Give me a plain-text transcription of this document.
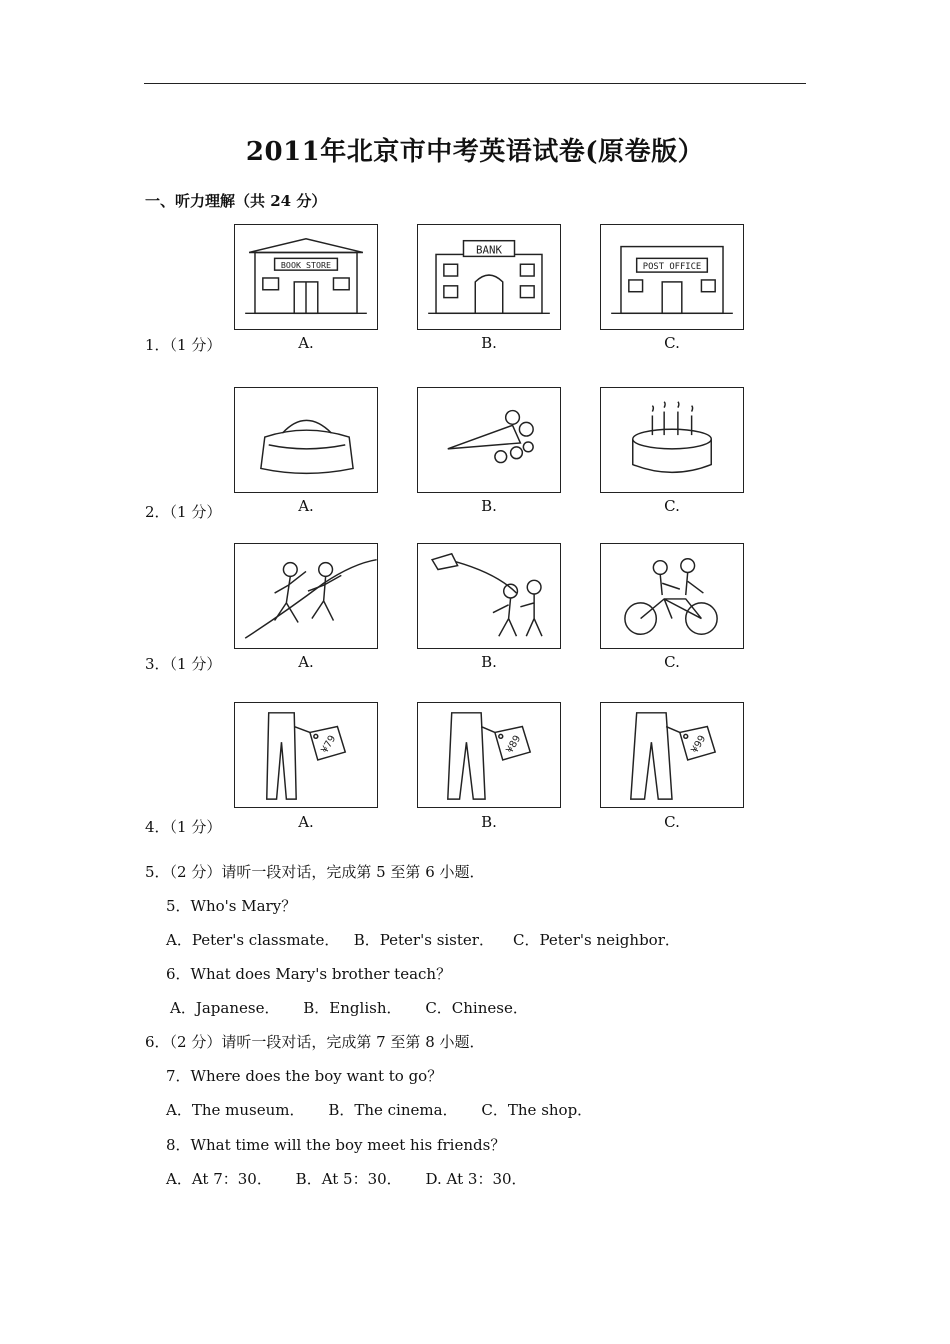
2011年北京市中考英语试卷(原卷版）
一、听力理解（共 24 分）
1．（1 分）
BOOK STORE
BANK
POST OFFICE
A.	B.	C.
2．（1 分）	A.	B.	C.
3．（1 分）	A.	B.	C.
4．（1 分）
¥79	¥89	¥99
A.	B.	C.
5．（2 分）请听一段对话，完成第 5 至第 6 小题．
5．Who's Mary？
A．Peter's classmate．   B．Peter's sister．    C．Peter's neighbor．
6．What does Mary's brother teach？
A．Japanese．     B．English．     C．Chinese．
6．（2 分）请听一段对话，完成第 7 至第 8 小题．
7．Where does the boy want to go？
A．The museum．     B．The cinema．     C．The shop．
8．What time will the boy meet his friends？
A．At 7：30．     B．At 5：30．     D. At 3：30．
